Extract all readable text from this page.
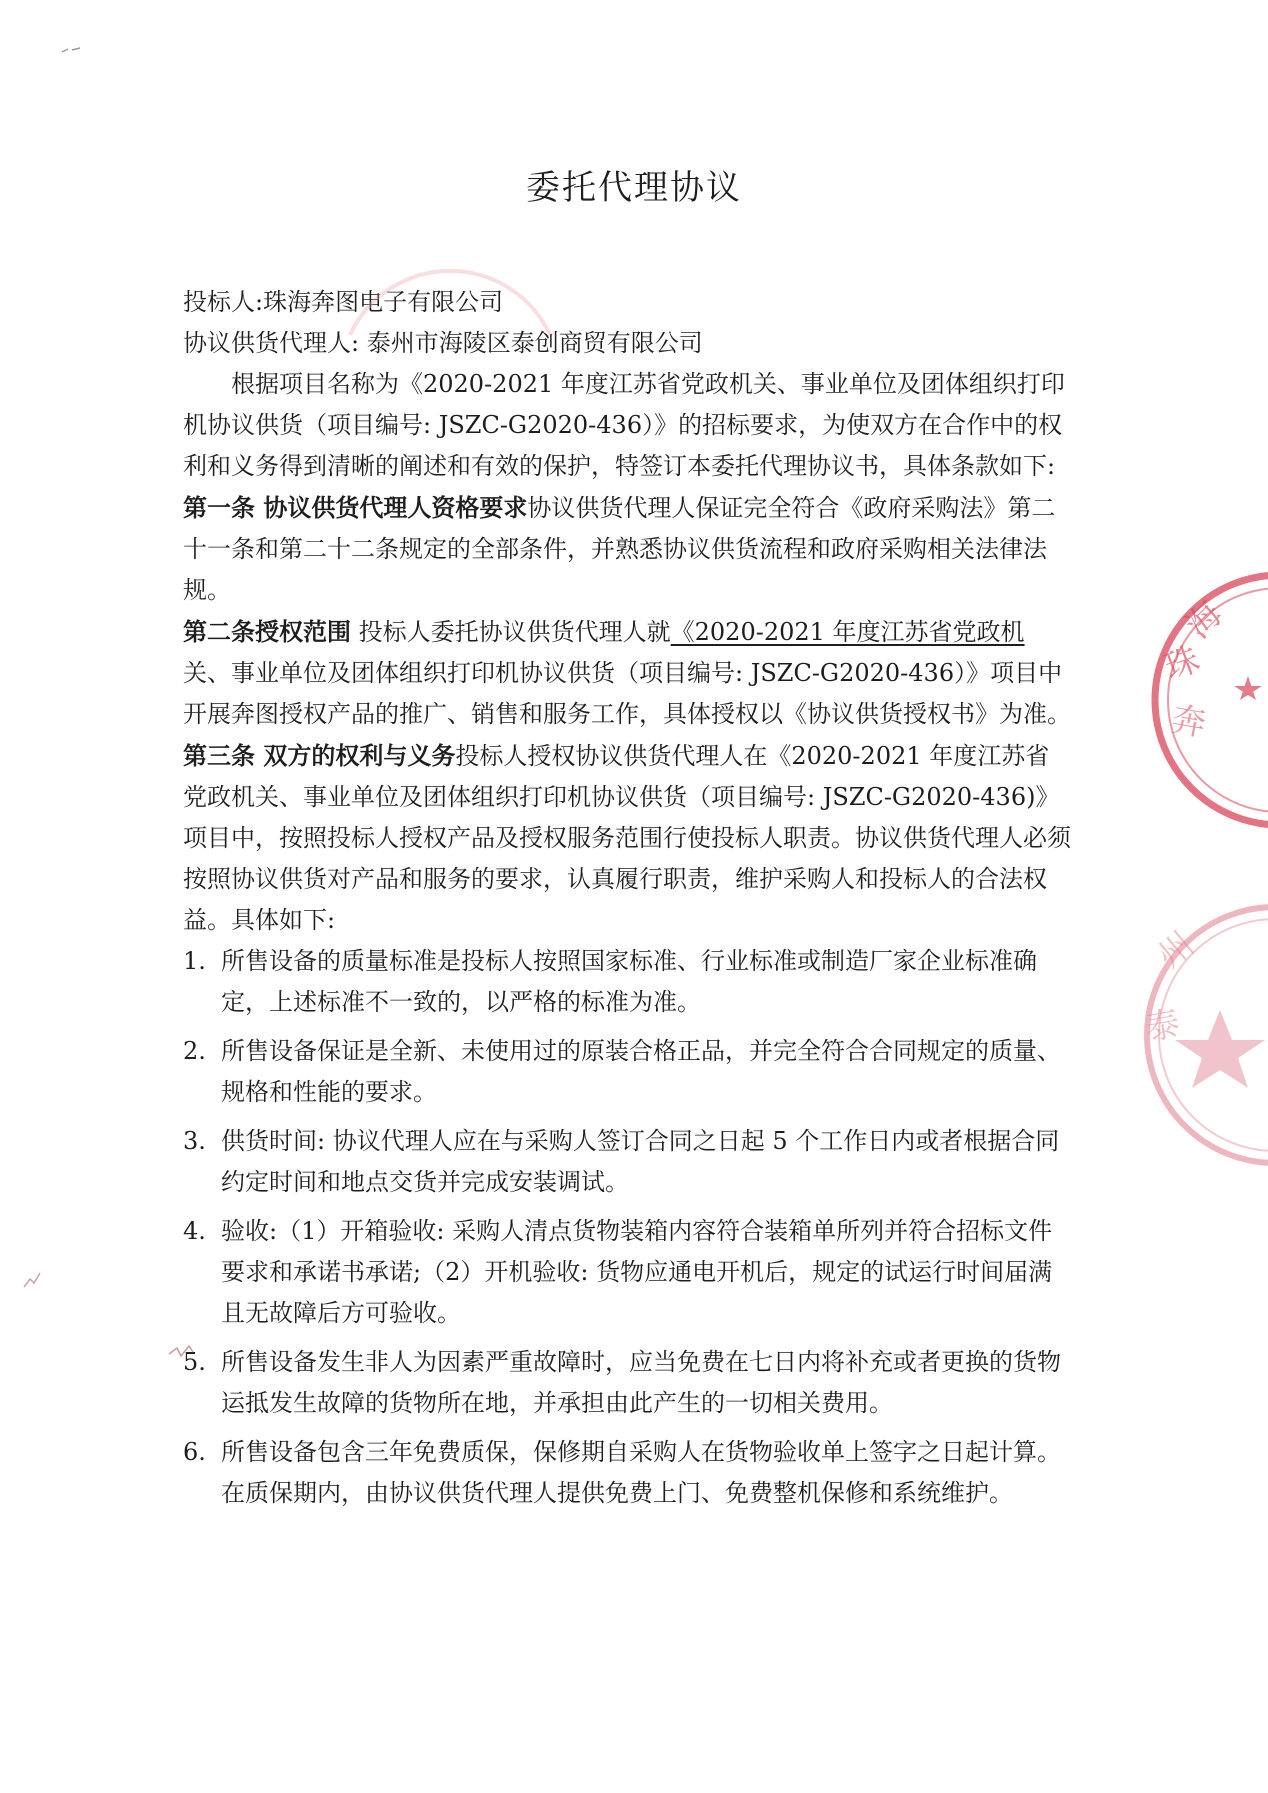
委托代理协议

投标人:珠海奔图电子有限公司

协议供货代理人: 泰州市海陵区泰创商贸有限公司

根据项目名称为《2020-2021 年度江苏省党政机关、事业单位及团体组织打印机协议供货（项目编号: JSZC-G2020-436）》的招标要求，为使双方在合作中的权利和义务得到清晰的阐述和有效的保护，特签订本委托代理协议书，具体条款如下:

第一条 协议供货代理人资格要求协议供货代理人保证完全符合《政府采购法》第二十一条和第二十二条规定的全部条件，并熟悉协议供货流程和政府采购相关法律法规。

第二条授权范围 投标人委托协议供货代理人就《2020-2021 年度江苏省党政机关、事业单位及团体组织打印机协议供货（项目编号: JSZC-G2020-436）》项目中开展奔图授权产品的推广、销售和服务工作，具体授权以《协议供货授权书》为准。

第三条 双方的权利与义务投标人授权协议供货代理人在《2020-2021 年度江苏省党政机关、事业单位及团体组织打印机协议供货（项目编号: JSZC-G2020-436)》项目中，按照投标人授权产品及授权服务范围行使投标人职责。协议供货代理人必须按照协议供货对产品和服务的要求，认真履行职责，维护采购人和投标人的合法权益。具体如下:

1. 所售设备的质量标准是投标人按照国家标准、行业标准或制造厂家企业标准确定，上述标准不一致的，以严格的标准为准。
2. 所售设备保证是全新、未使用过的原装合格正品，并完全符合合同规定的质量、规格和性能的要求。
3. 供货时间: 协议代理人应在与采购人签订合同之日起 5 个工作日内或者根据合同约定时间和地点交货并完成安装调试。
4. 验收:（1）开箱验收: 采购人清点货物装箱内容符合装箱单所列并符合招标文件要求和承诺书承诺;（2）开机验收: 货物应通电开机后，规定的试运行时间届满且无故障后方可验收。
5. 所售设备发生非人为因素严重故障时，应当免费在七日内将补充或者更换的货物运抵发生故障的货物所在地，并承担由此产生的一切相关费用。
6. 所售设备包含三年免费质保，保修期自采购人在货物验收单上签字之日起计算。在质保期内，由协议供货代理人提供免费上门、免费整机保修和系统维护。
珠
海
奔
泰
州
